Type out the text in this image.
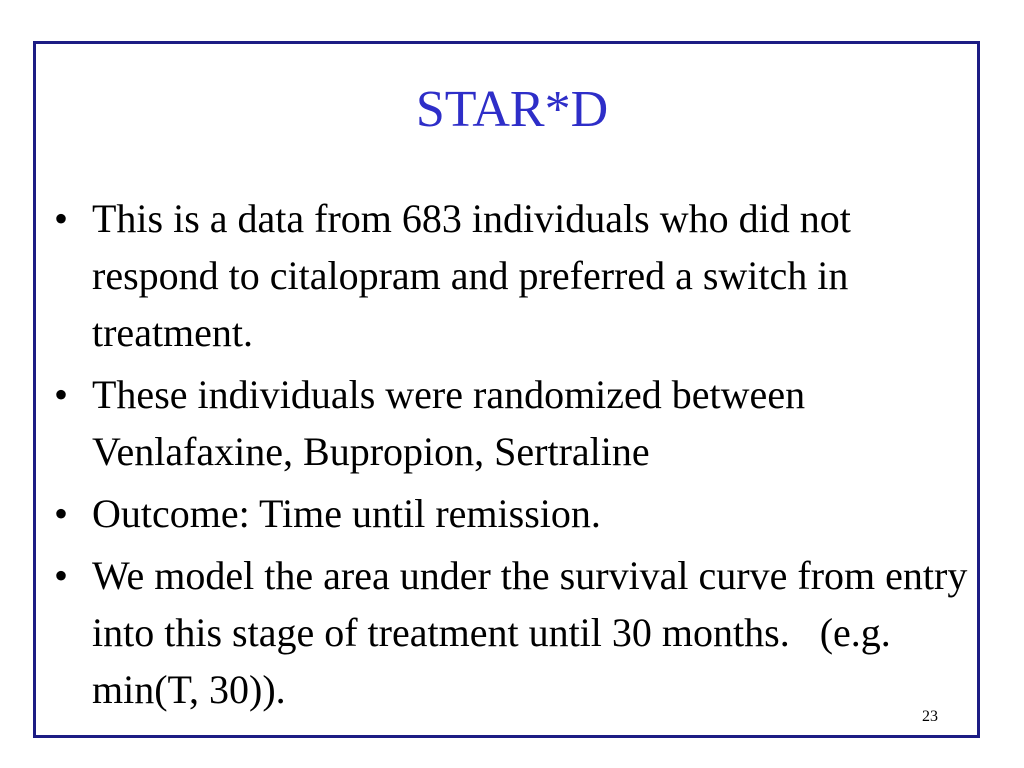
STAR*D
• This is a data from 683 individuals who did not respond to citalopram and preferred a switch in treatment.
• These individuals were randomized between Venlafaxine, Bupropion, Sertraline
• Outcome: Time until remission.
• We model the area under the survival curve from entry into this stage of treatment until 30 months.   (e.g. min(T, 30)).
23
